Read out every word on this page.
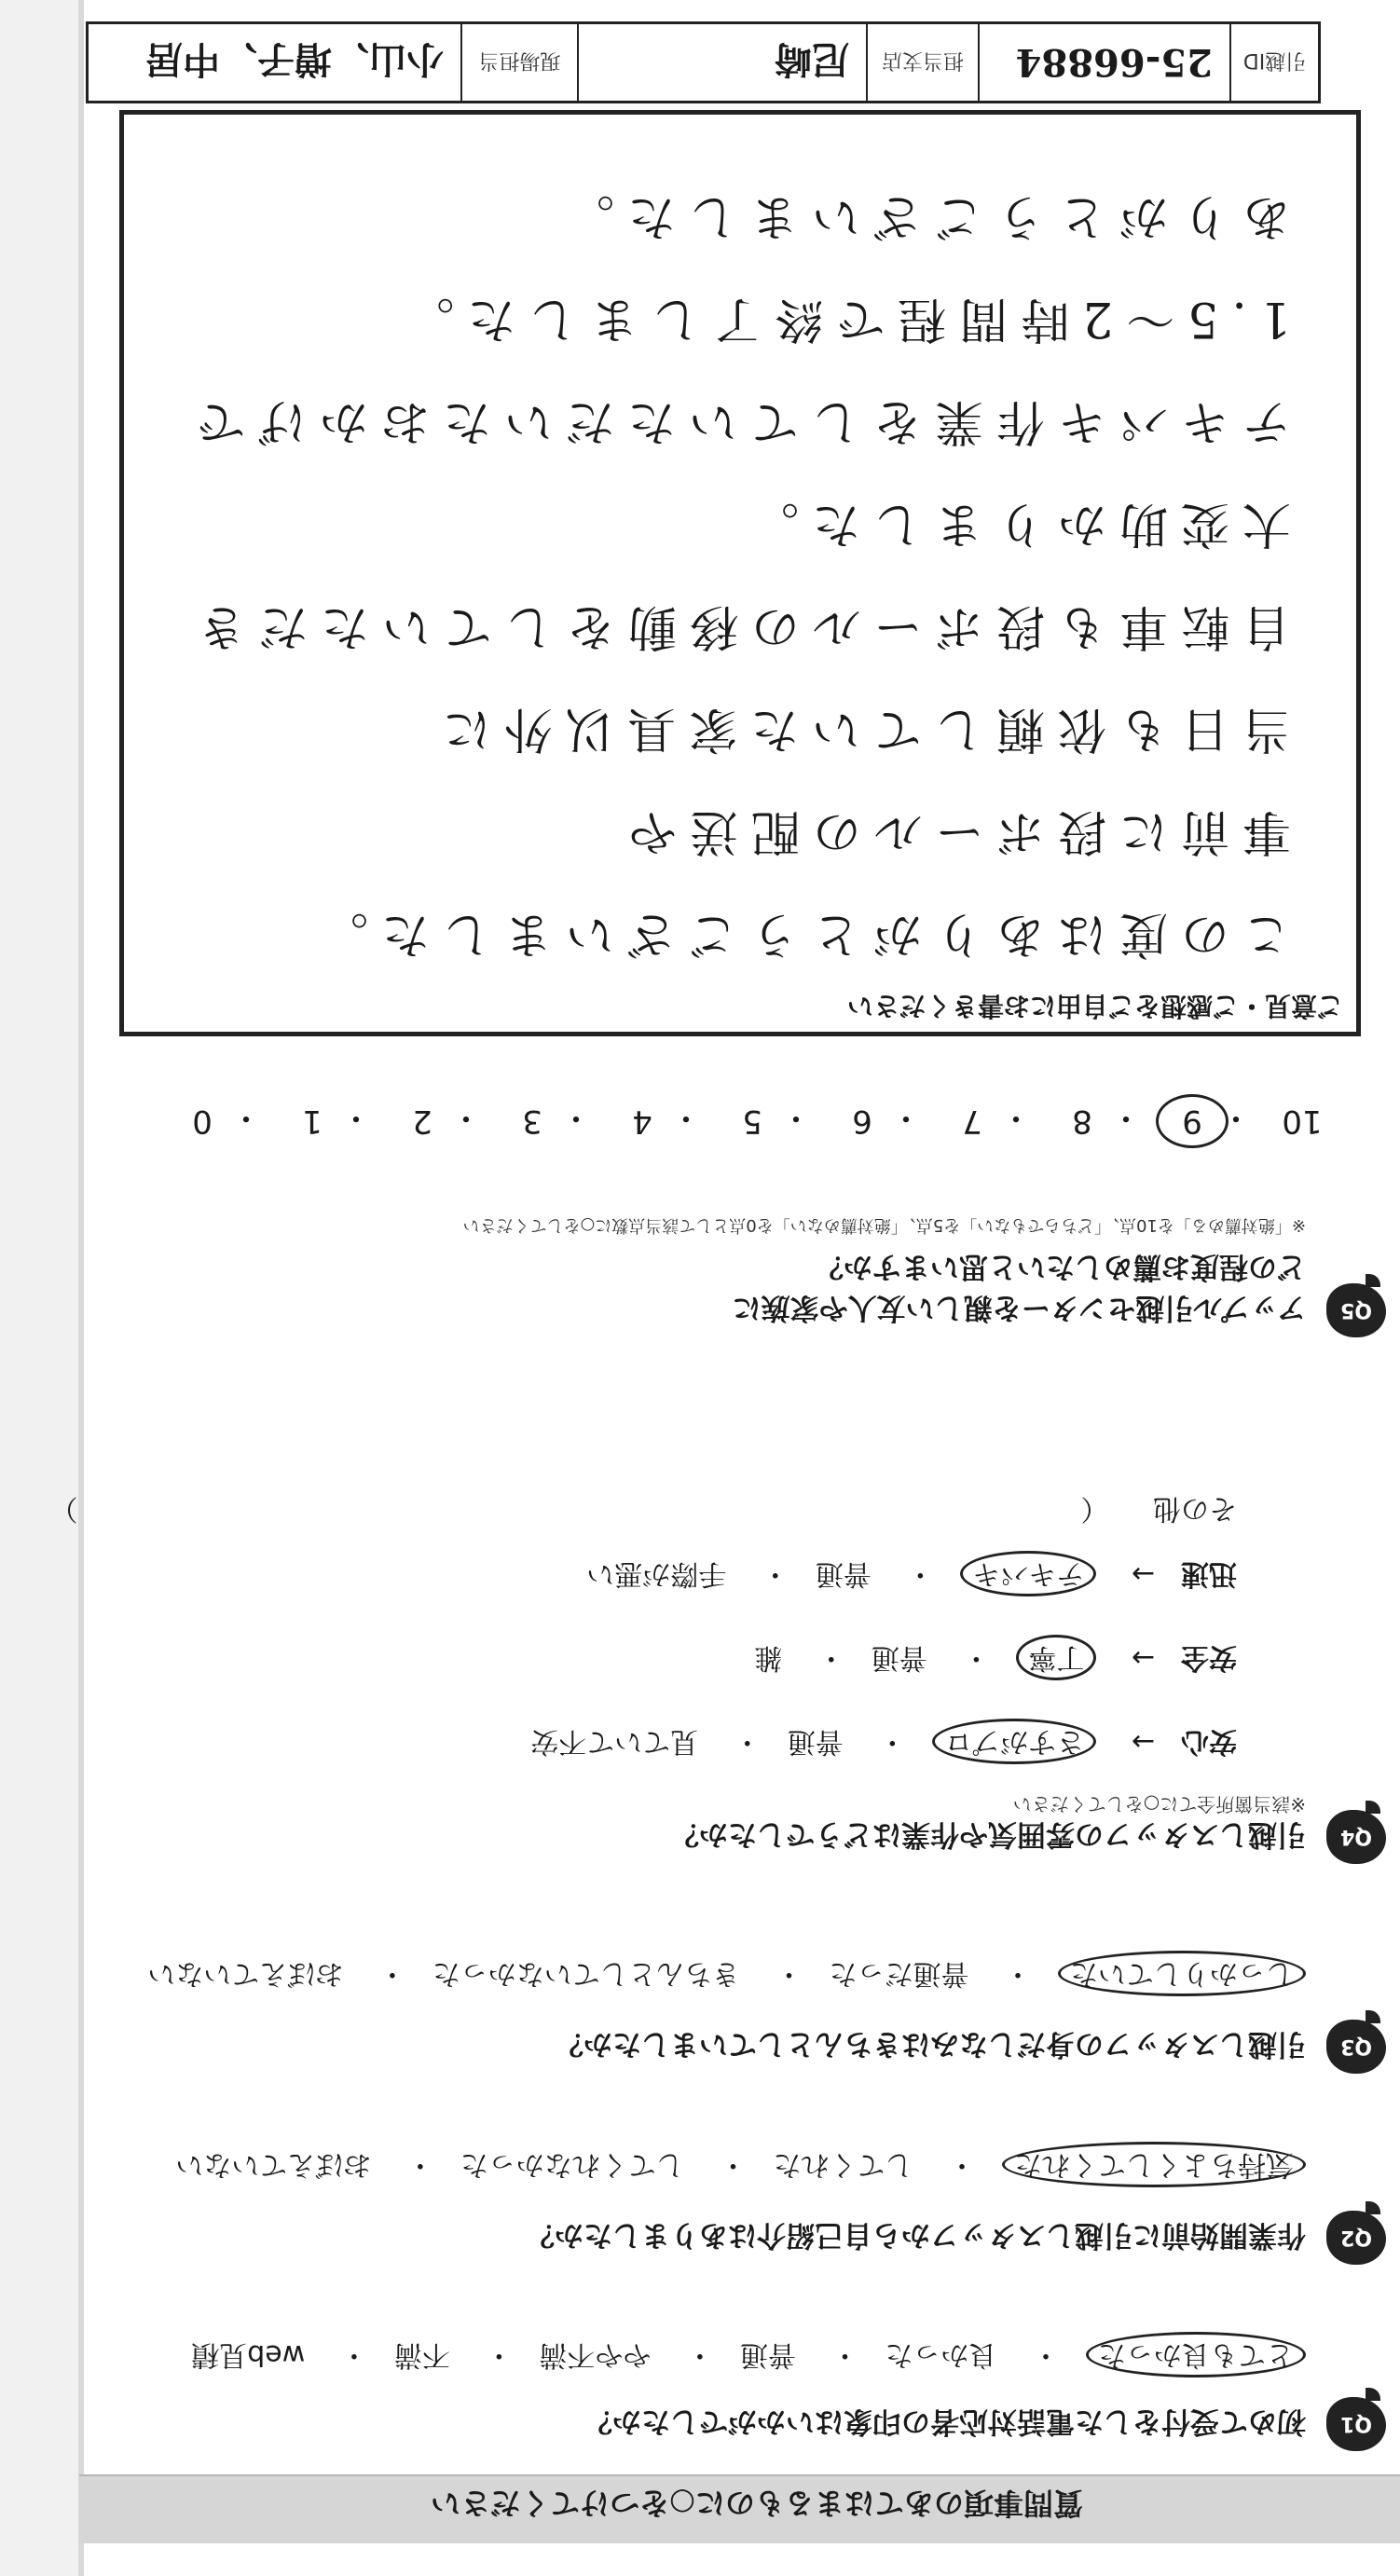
質問事項のあてはまるものに○をつけてください
Q1
初めて受付をした電話対応者の印象はいかがでしたか？
とても良かった・ 良かった・ 普通・ やや不満・ 不満・ web見積
Q2
作業開始前に引越しスタッフから自己紹介はありましたか？
気持ちよくしてくれた・ してくれた・ してくれなかった・ おぼえていない
Q3
引越しスタッフの身だしなみはきちんとしていましたか？
しっかりしていた・ 普通だった・ きちんとしていなかった・ おぼえていない
Q4
引越しスタッフの雰囲気や作業はどうでしたか？
※該当箇所全てに○をしてください
安心→ さすがプロ・ 普通・ 見ていて不安
安全→ 丁寧・ 普通・ 雑
迅速→ テキパキ・ 普通・ 手際が悪い
その他 （）
Q5
アップル引越センターを親しい友人や家族に
どの程度お薦めしたいと思いますか？
※「絶対薦める」を10点、「どちらでもない」を5点、「絶対薦めない」を0点として該当点数に○をしてください
10
・
9
・
8
・
7
・
6
・
5
・
4
・
3
・
2
・
1
・
0
ご意見・ご感想をご自由にお書きください
この度はありがとうございました。
事前に段ボールの配送や
当日も依頼していた家具以外に
自転車も段ボールの移動をしていただき
大変助かりました。
テキパキ作業をしていただいたおかげで
1.5〜2時間程で終了しました。
ありがとうございました。
引越ID
25-66884
担当支店
尼崎
現場担当
小山、増子、中居
